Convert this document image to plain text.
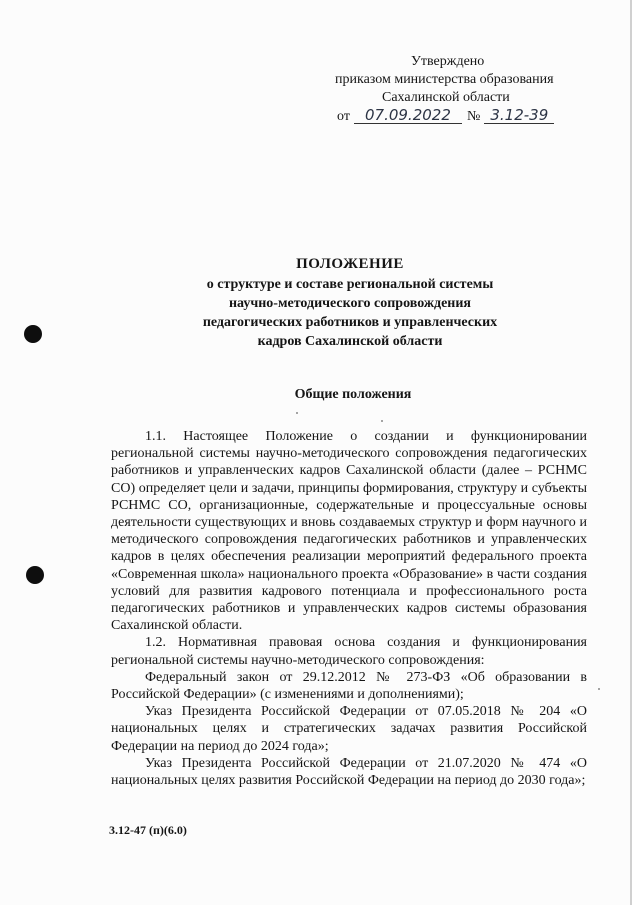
Утверждено
приказом министерства образования
Сахалинской области
от	07.09.2022	№ 3.12-39
ПОЛОЖЕНИЕ
о структуре и составе региональной системы
научно-методического сопровождения
педагогических работников и управленческих
кадров Сахалинской области
Общие положения

1.1. Настоящее Положение о создании и функционировании региональной системы научно-методического сопровождения педагогических работников и управленческих кадров Сахалинской области (далее – РСНМС СО) определяет цели и задачи, принципы формирования, структуру и субъекты РСНМС СО, организационные, содержательные и процессуальные основы деятельности существующих и вновь создаваемых структур и форм научного и методического сопровождения педагогических работников и управленческих кадров в целях обеспечения реализации мероприятий федерального проекта «Современная школа» национального проекта «Образование» в части создания условий для развития кадрового потенциала и профессионального роста педагогических работников и управленческих кадров системы образования Сахалинской области.

1.2. Нормативная правовая основа создания и функционирования региональной системы научно-методического сопровождения:

Федеральный закон от 29.12.2012 № 273-ФЗ «Об образовании в Российской Федерации» (с изменениями и дополнениями);

Указ Президента Российской Федерации от 07.05.2018 № 204 «О национальных целях и стратегических задачах развития Российской Федерации на период до 2024 года»;

Указ Президента Российской Федерации от 21.07.2020 № 474 «О национальных целях развития Российской Федерации на период до 2030 года»;

3.12-47 (п)(6.0)
